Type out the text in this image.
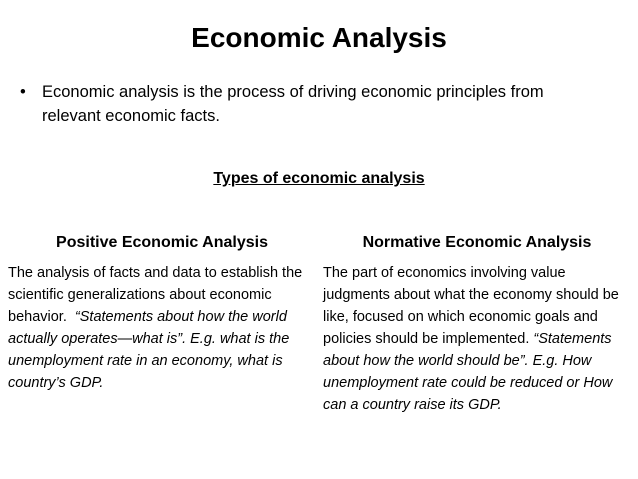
Economic Analysis
• Economic analysis is the process of driving economic principles from relevant economic facts.
Types of economic analysis
Positive Economic Analysis	Normative Economic Analysis
The analysis of facts and data to establish the scientific generalizations about economic behavior. “Statements about how the world actually operates—what is”. E.g. what is the unemployment rate in an economy, what is country’s GDP.
The part of economics involving value judgments about what the economy should be like, focused on which economic goals and policies should be implemented. “Statements about how the world should be”. E.g. How unemployment rate could be reduced or How can a country raise its GDP.
